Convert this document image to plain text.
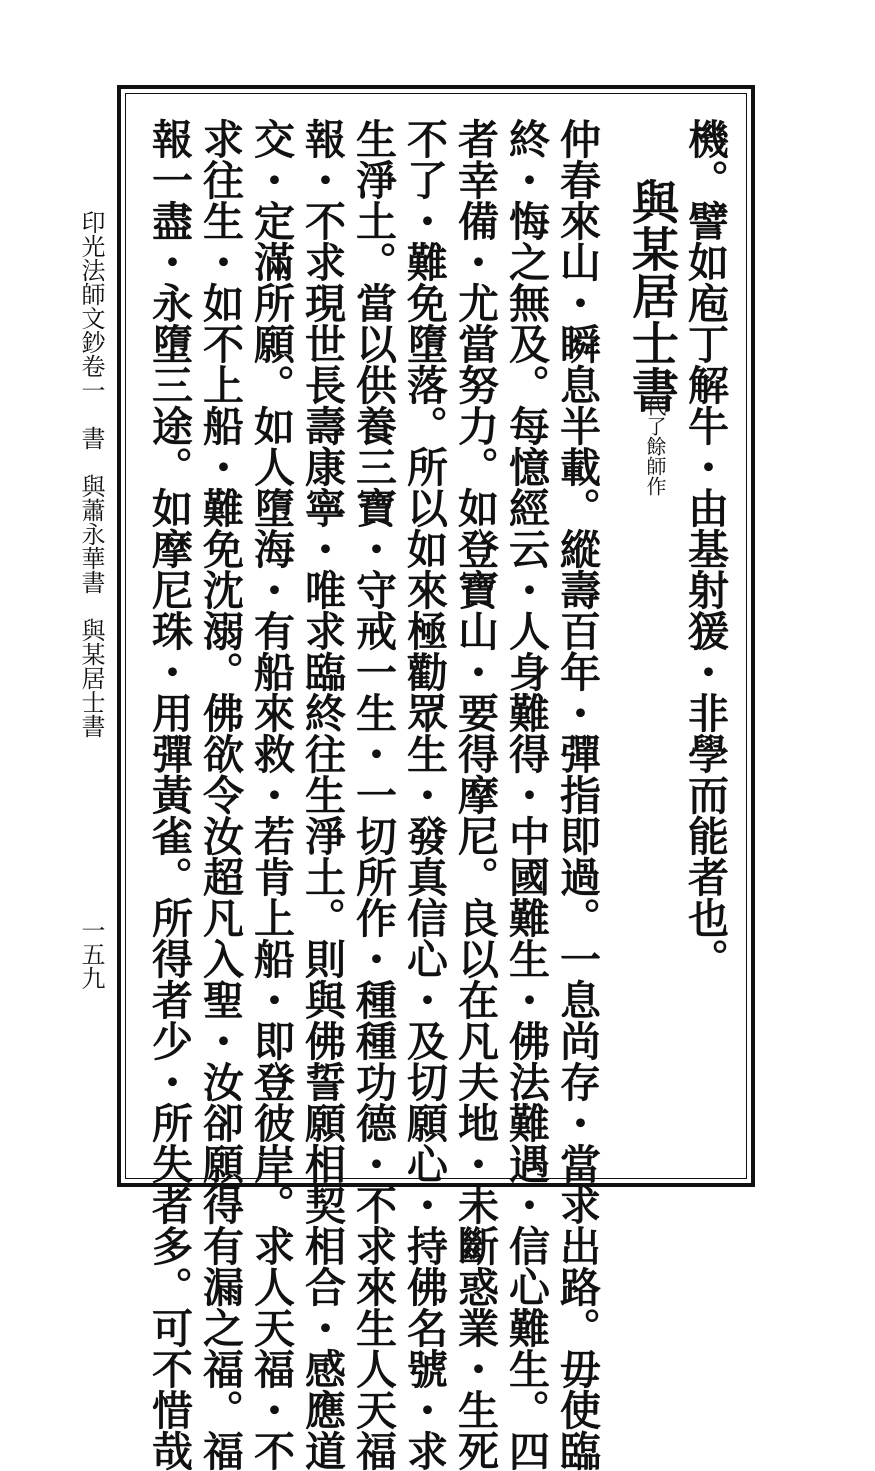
機。譬如庖丁解牛・由基射猨・非學而能者也。
與某居士書
代了餘師作
仲春來山・瞬息半載。縱壽百年・彈指即過。一息尚存・當求出路。毋使臨
終・悔之無及。每憶經云・人身難得・中國難生・佛法難遇・信心難生。四
者幸備・尤當努力。如登寶山・要得摩尼。良以在凡夫地・未斷惑業・生死
不了・難免墮落。所以如來極勸眾生・發真信心・及切願心・持佛名號・求
生淨土。當以供養三寶・守戒一生・一切所作・種種功德・不求來生人天福
報・不求現世長壽康寧・唯求臨終往生淨土。則與佛誓願相契相合・感應道
交・定滿所願。如人墮海・有船來救・若肯上船・即登彼岸。求人天福・不
求往生・如不上船・難免沈溺。佛欲令汝超凡入聖・汝卻願得有漏之福。福
報一盡・永墮三途。如摩尼珠・用彈黃雀。所得者少・所失者多。可不惜哉
印光法師文鈔卷一　書　與蕭永華書　與某居士書
一五九
